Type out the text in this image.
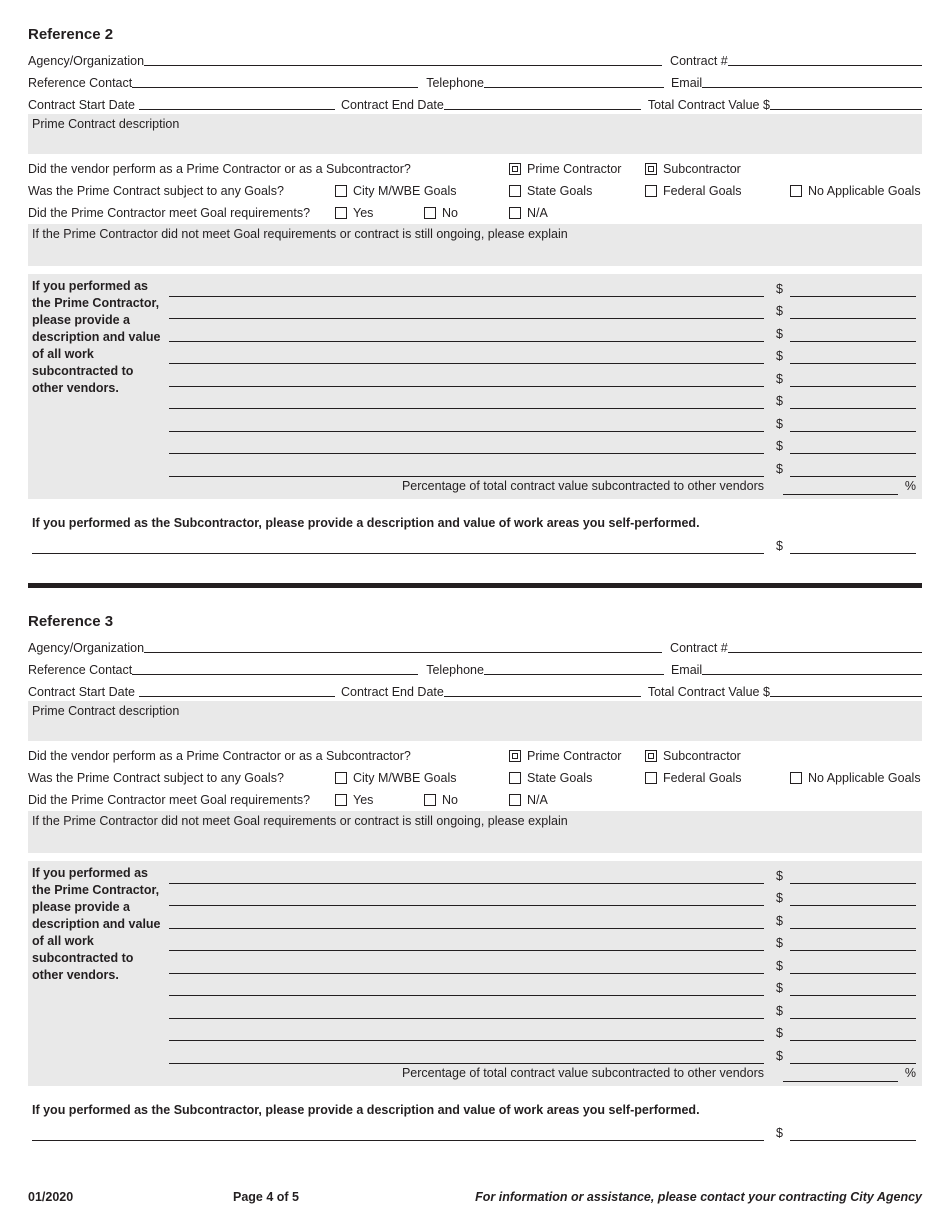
Reference 2
Agency/Organization	Contract #
Reference Contact	Telephone	Email
Contract Start Date	Contract End Date	Total Contract Value $
Prime Contract description
Did the vendor perform as a Prime Contractor or as a Subcontractor?	Prime Contractor	Subcontractor
Was the Prime Contract subject to any Goals?	City M/WBE Goals	State Goals	Federal Goals	No Applicable Goals
Did the Prime Contractor meet Goal requirements?	Yes	No	N/A
If the Prime Contractor did not meet Goal requirements or contract is still ongoing, please explain
If you performed as the Prime Contractor, please provide a description and value of all work subcontracted to other vendors.
$
$
$
$
$
$
$
$
$
Percentage of total contract value subcontracted to other vendors	%
If you performed as the Subcontractor, please provide a description and value of work areas you self-performed.
$
Reference 3
Agency/Organization	Contract #
Reference Contact	Telephone	Email
Contract Start Date	Contract End Date	Total Contract Value $
Prime Contract description
Did the vendor perform as a Prime Contractor or as a Subcontractor?	Prime Contractor	Subcontractor
Was the Prime Contract subject to any Goals?	City M/WBE Goals	State Goals	Federal Goals	No Applicable Goals
Did the Prime Contractor meet Goal requirements?	Yes	No	N/A
If the Prime Contractor did not meet Goal requirements or contract is still ongoing, please explain
If you performed as the Prime Contractor, please provide a description and value of all work subcontracted to other vendors.
$
$
$
$
$
$
$
$
$
Percentage of total contract value subcontracted to other vendors	%
If you performed as the Subcontractor, please provide a description and value of work areas you self-performed.
$
01/2020	Page 4 of 5	For information or assistance, please contact your contracting City Agency
